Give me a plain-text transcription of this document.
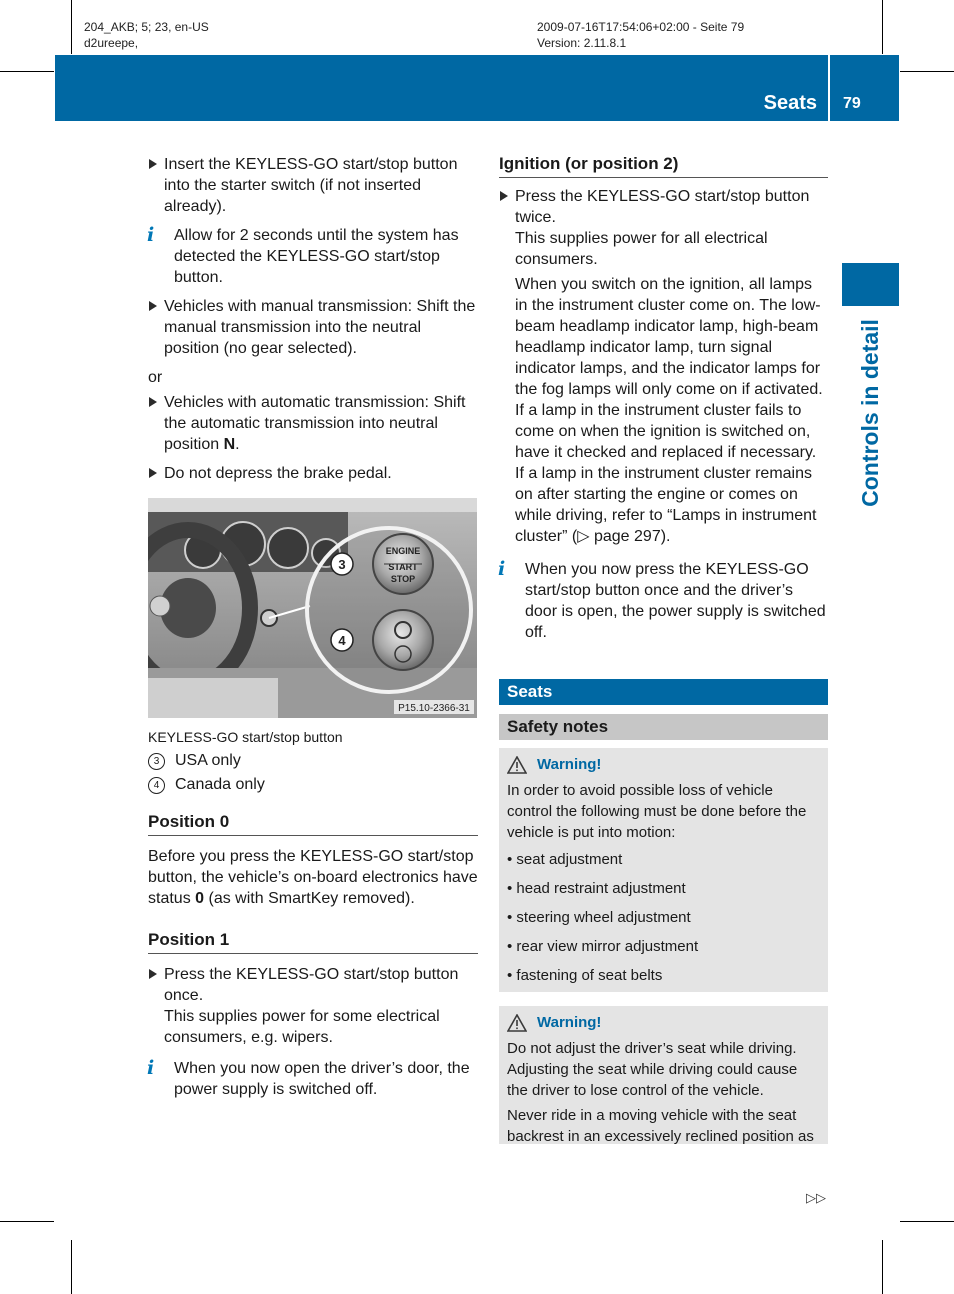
204_AKB; 5; 23, en-US
d2ureepe,
2009-07-16T17:54:06+02:00 - Seite 79
Version: 2.11.8.1
Seats 79
Controls in detail
Insert the KEYLESS-GO start/stop button into the starter switch (if not inserted already).
i	Allow for 2 seconds until the system has detected the KEYLESS-GO start/stop button.
Vehicles with manual transmission: Shift the manual transmission into the neutral position (no gear selected).

or

Vehicles with automatic transmission: Shift the automatic transmission into neutral position N.
Do not depress the brake pedal.
ENGINE
START
STOP
3
4
P15.10-2366-31
KEYLESS-GO start/stop button
3 USA only
4 Canada only
Position 0

Before you press the KEYLESS-GO start/stop button, the vehicle’s on-board electronics have status 0 (as with SmartKey removed).

Position 1
Press the KEYLESS-GO start/stop button once.
This supplies power for some electrical consumers, e.g. wipers.
i	When you now open the driver’s door, the power supply is switched off.
Ignition (or position 2)
Press the KEYLESS-GO start/stop button twice.
This supplies power for all electrical consumers.
When you switch on the ignition, all lamps in the instrument cluster come on. The low-beam headlamp indicator lamp, high-beam headlamp indicator lamp, turn signal indicator lamps, and the indicator lamps for the fog lamps will only come on if activated. If a lamp in the instrument cluster fails to come on when the ignition is switched on, have it checked and replaced if necessary. If a lamp in the instrument cluster remains on after starting the engine or comes on while driving, refer to “Lamps in instrument cluster” (▷ page 297).
i	When you now press the KEYLESS-GO start/stop button once and the driver’s door is open, the power supply is switched off.
Seats
Safety notes
Warning!
In order to avoid possible loss of vehicle control the following must be done before the vehicle is put into motion:
• seat adjustment
• head restraint adjustment
• steering wheel adjustment
• rear view mirror adjustment
• fastening of seat belts
Warning!
Do not adjust the driver’s seat while driving. Adjusting the seat while driving could cause the driver to lose control of the vehicle.
Never ride in a moving vehicle with the seat backrest in an excessively reclined position as
▷▷
